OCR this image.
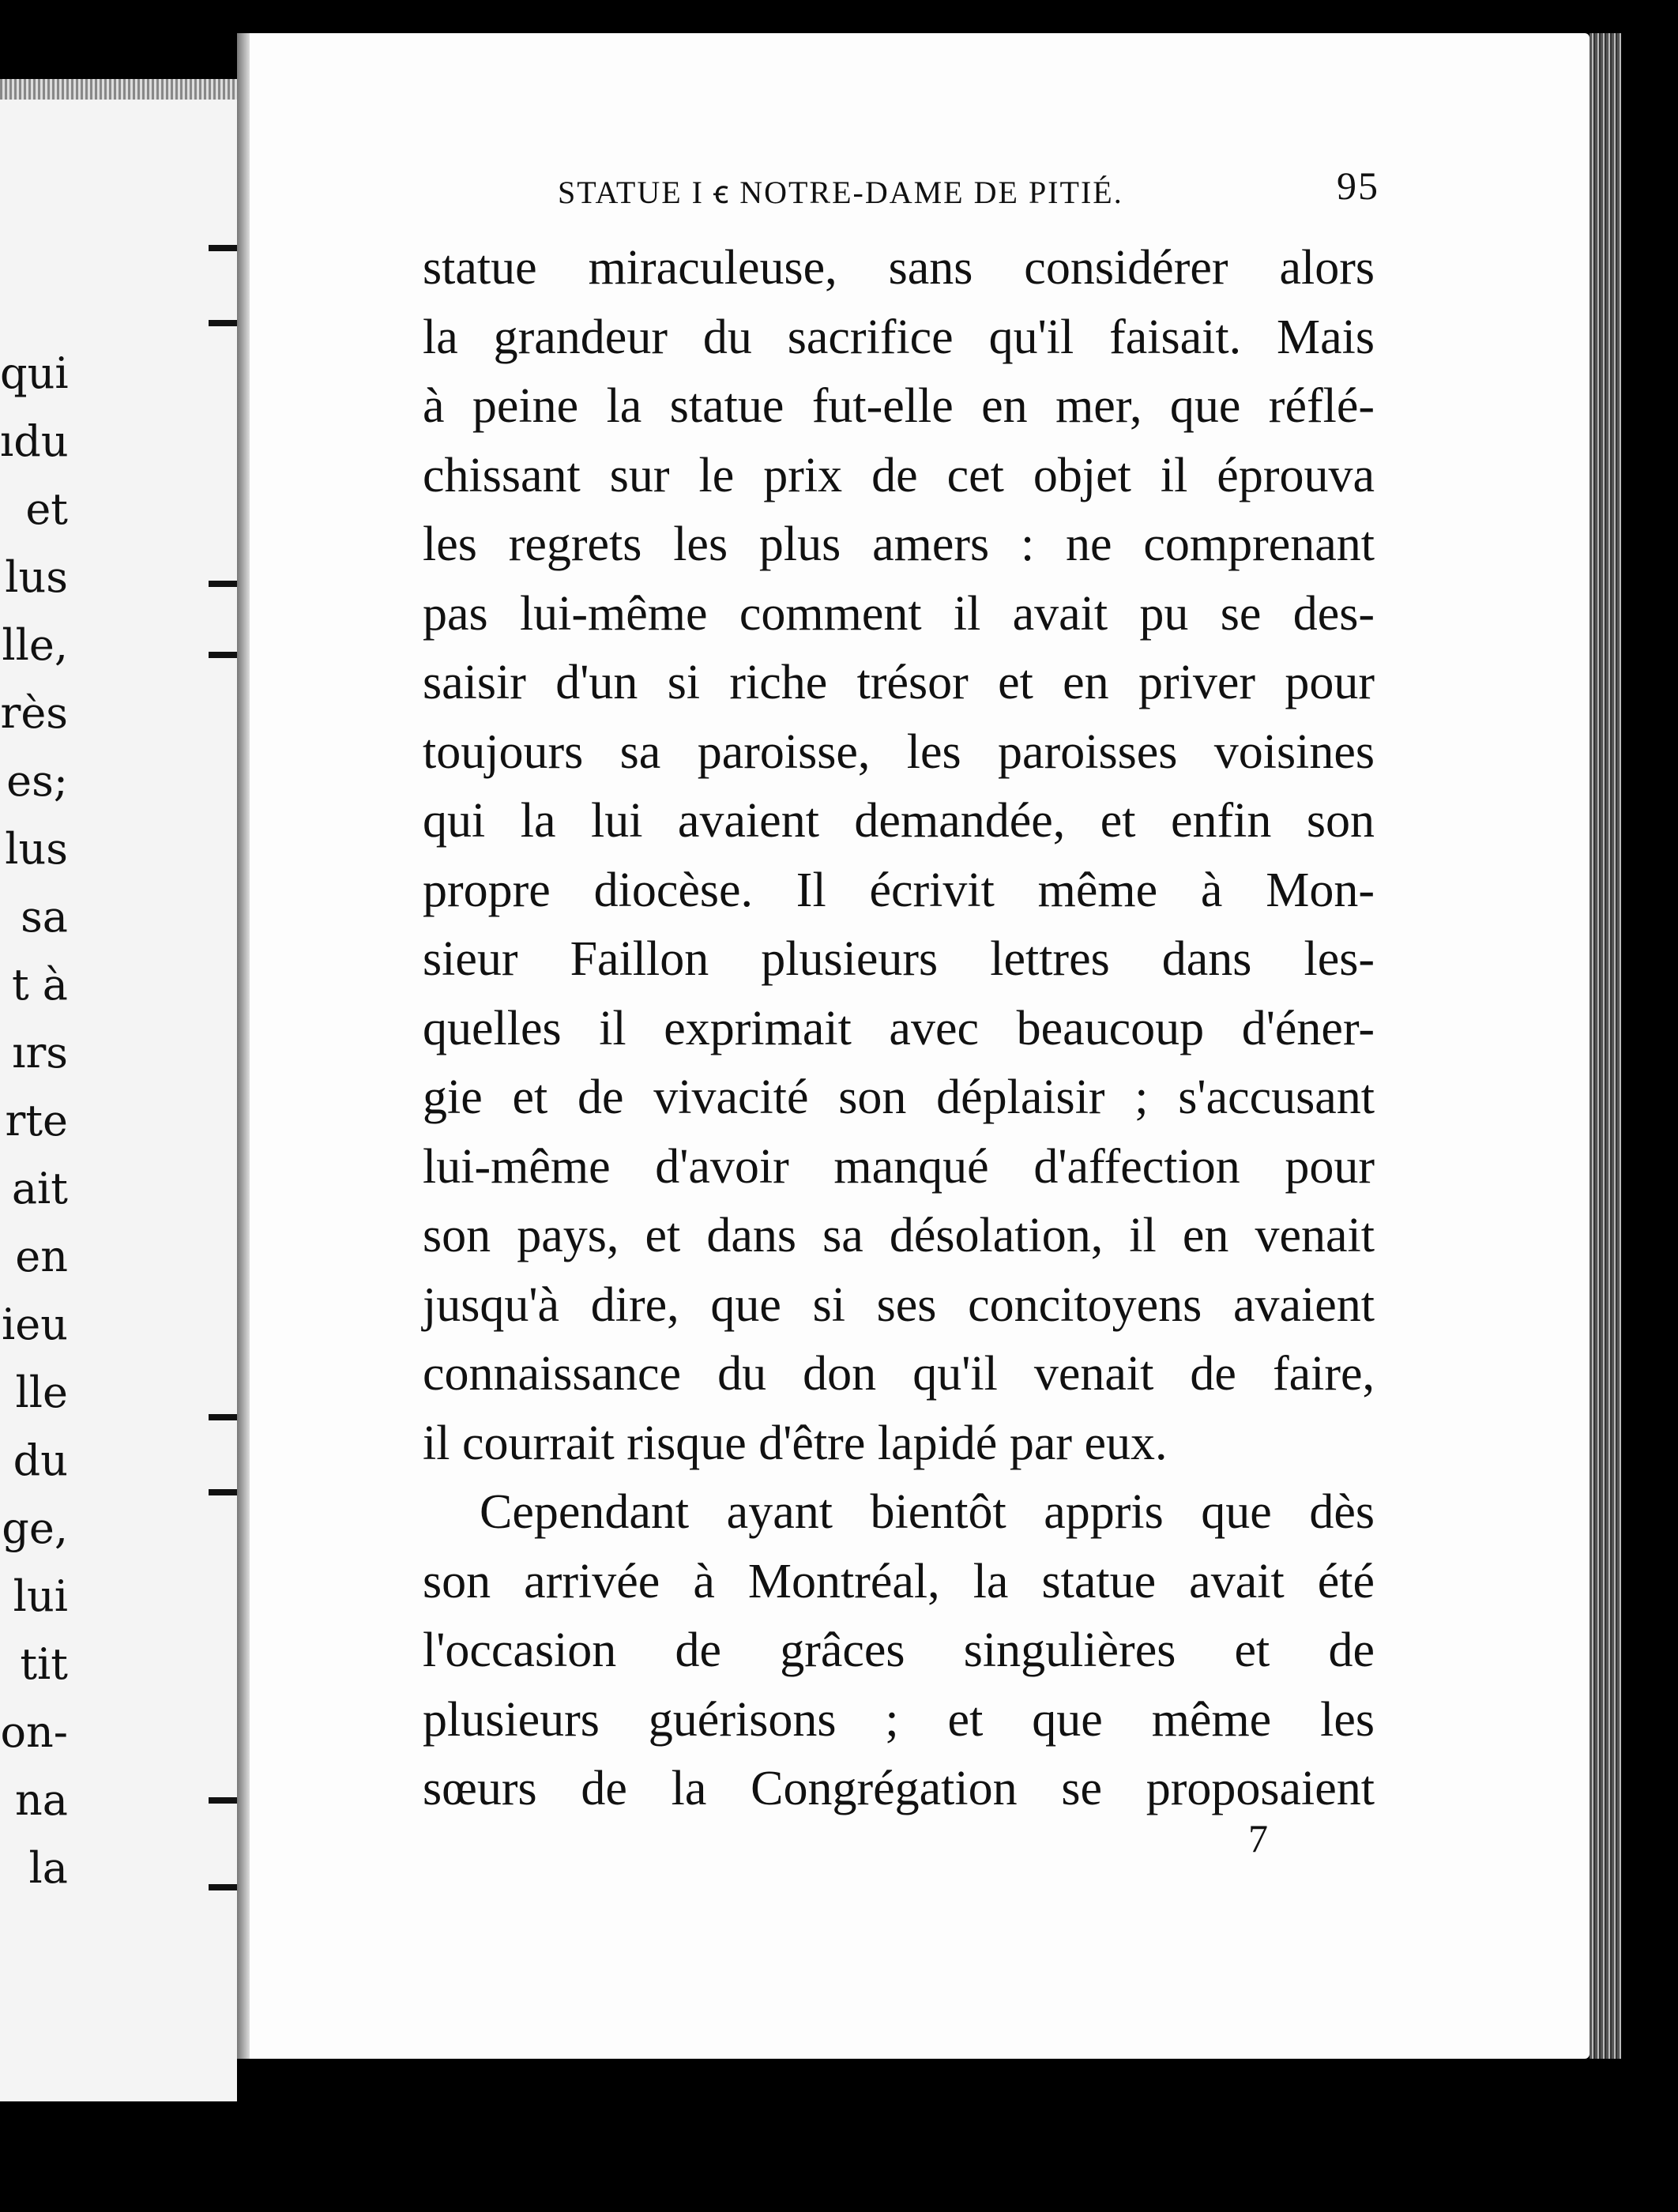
qui
ıdu
et
lus
lle,
rès
es;
lus
sa
t à
ırs
rte
ait
en
ieu
lle
du
ge,
lui
tit
on-
na
la
STATUE I ꞓ NOTRE-DAME DE PITIÉ.	95
statue miraculeuse, sans considérer alors
la grandeur du sacrifice qu'il faisait. Mais
à peine la statue fut-elle en mer, que réflé-
chissant sur le prix de cet objet il éprouva
les regrets les plus amers : ne comprenant
pas lui-même comment il avait pu se des-
saisir d'un si riche trésor et en priver pour
toujours sa paroisse, les paroisses voisines
qui la lui avaient demandée, et enfin son
propre diocèse. Il écrivit même à Mon-
sieur Faillon plusieurs lettres dans les-
quelles il exprimait avec beaucoup d'éner-
gie et de vivacité son déplaisir ; s'accusant
lui-même d'avoir manqué d'affection pour
son pays, et dans sa désolation, il en venait
jusqu'à dire, que si ses concitoyens avaient
connaissance du don qu'il venait de faire,
il courrait risque d'être lapidé par eux.
Cependant ayant bientôt appris que dès
son arrivée à Montréal, la statue avait été
l'occasion de grâces singulières et de
plusieurs guérisons ; et que même les
sœurs de la Congrégation se proposaient
7
